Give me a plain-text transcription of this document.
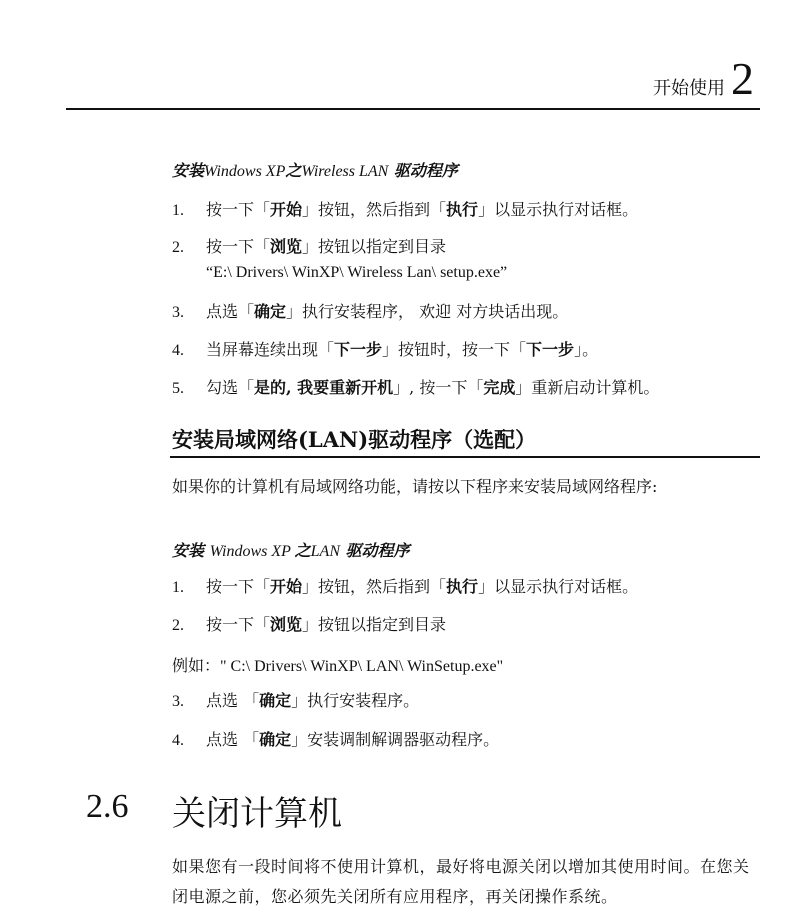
开始使用 2
安装Windows XP之Wireless LAN 驱动程序
1. 按一下「开始」按钮，然后指到「执行」以显示执行对话框。
2. 按一下「浏览」按钮以指定到目录
“E:\ Drivers\ WinXP\ Wireless Lan\ setup.exe”
3. 点选「确定」执行安装程序， 欢迎 对方块话出现。
4. 当屏幕连续出现「下一步」按钮时，按一下「下一步」。
5. 勾选「是的, 我要重新开机」, 按一下「完成」重新启动计算机。
安装局域网络(LAN)驱动程序（选配）
如果你的计算机有局域网络功能，请按以下程序来安装局域网络程序:
安装 Windows XP 之LAN 驱动程序
1. 按一下「开始」按钮，然后指到「执行」以显示执行对话框。
2. 按一下「浏览」按钮以指定到目录
例如：" C:\ Drivers\ WinXP\ LAN\ WinSetup.exe"
3. 点选 「确定」执行安装程序。
4. 点选 「确定」安装调制解调器驱动程序。
2.6 关闭计算机
如果您有一段时间将不使用计算机，最好将电源关闭以增加其使用时间。在您关闭电源之前，您必须先关闭所有应用程序，再关闭操作系统。
